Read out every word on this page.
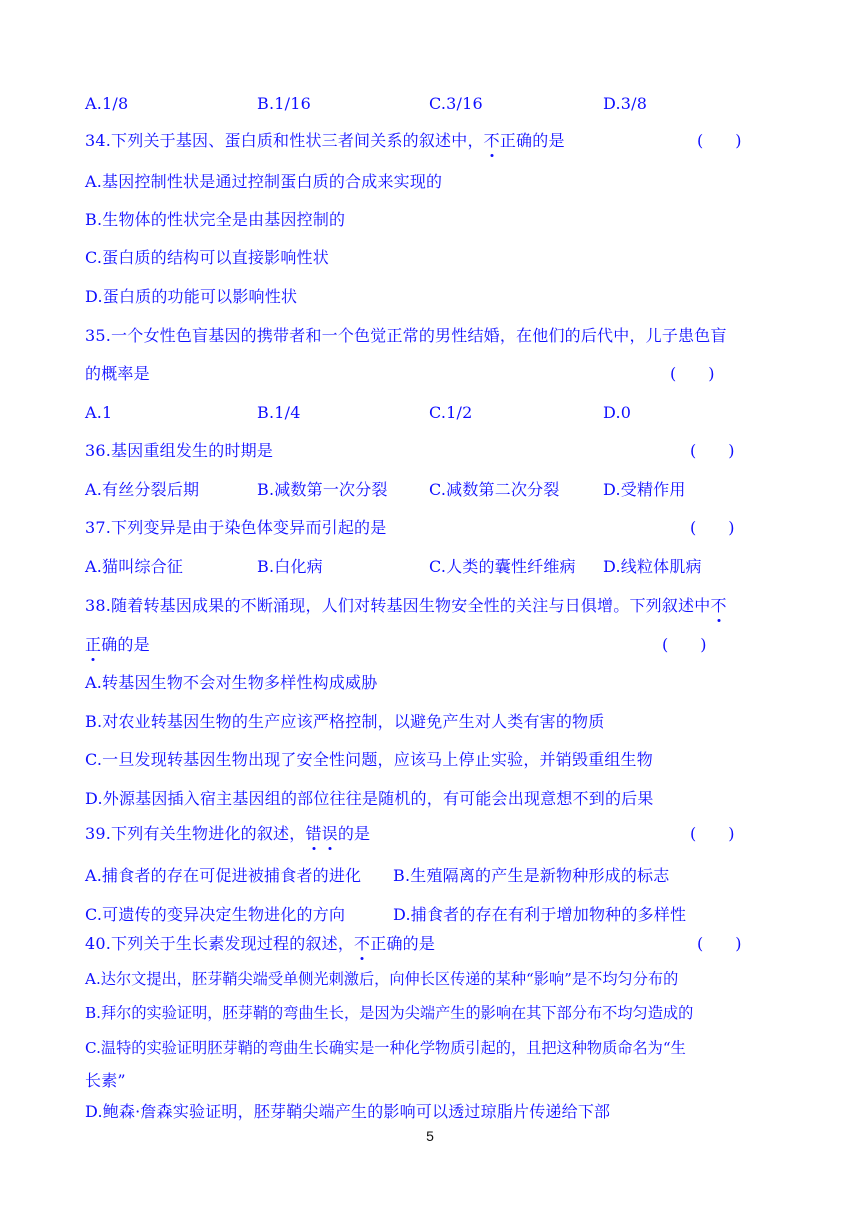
A.1/8	B.1/16	C.3/16	D.3/8
34.下列关于基因、蛋白质和性状三者间关系的叙述中，不正确的是	(　　)
A.基因控制性状是通过控制蛋白质的合成来实现的
B.生物体的性状完全是由基因控制的
C.蛋白质的结构可以直接影响性状
D.蛋白质的功能可以影响性状
35.一个女性色盲基因的携带者和一个色觉正常的男性结婚，在他们的后代中，儿子患色盲
的概率是	(　　)
A.1	B.1/4	C.1/2	D.0
36.基因重组发生的时期是	(　　)
A.有丝分裂后期	B.减数第一次分裂	C.减数第二次分裂	D.受精作用
37.下列变异是由于染色体变异而引起的是	(　　)
A.猫叫综合征	B.白化病	C.人类的囊性纤维病 D.线粒体肌病
38.随着转基因成果的不断涌现，人们对转基因生物安全性的关注与日俱增。下列叙述中不
正确的是	(　　)
A.转基因生物不会对生物多样性构成威胁
B.对农业转基因生物的生产应该严格控制，以避免产生对人类有害的物质
C.一旦发现转基因生物出现了安全性问题，应该马上停止实验，并销毁重组生物
D.外源基因插入宿主基因组的部位往往是随机的，有可能会出现意想不到的后果
39.下列有关生物进化的叙述，错误的是	(　　)
A.捕食者的存在可促进被捕食者的进化 B.生殖隔离的产生是新物种形成的标志
C.可遗传的变异决定生物进化的方向	D.捕食者的存在有利于增加物种的多样性
40.下列关于生长素发现过程的叙述，不正确的是	(　　)
A.达尔文提出，胚芽鞘尖端受单侧光刺激后，向伸长区传递的某种“影响”是不均匀分布的
B.拜尔的实验证明，胚芽鞘的弯曲生长，是因为尖端产生的影响在其下部分布不均匀造成的
C.温特的实验证明胚芽鞘的弯曲生长确实是一种化学物质引起的，且把这种物质命名为“生
长素”
D.鲍森·詹森实验证明，胚芽鞘尖端产生的影响可以透过琼脂片传递给下部
5
